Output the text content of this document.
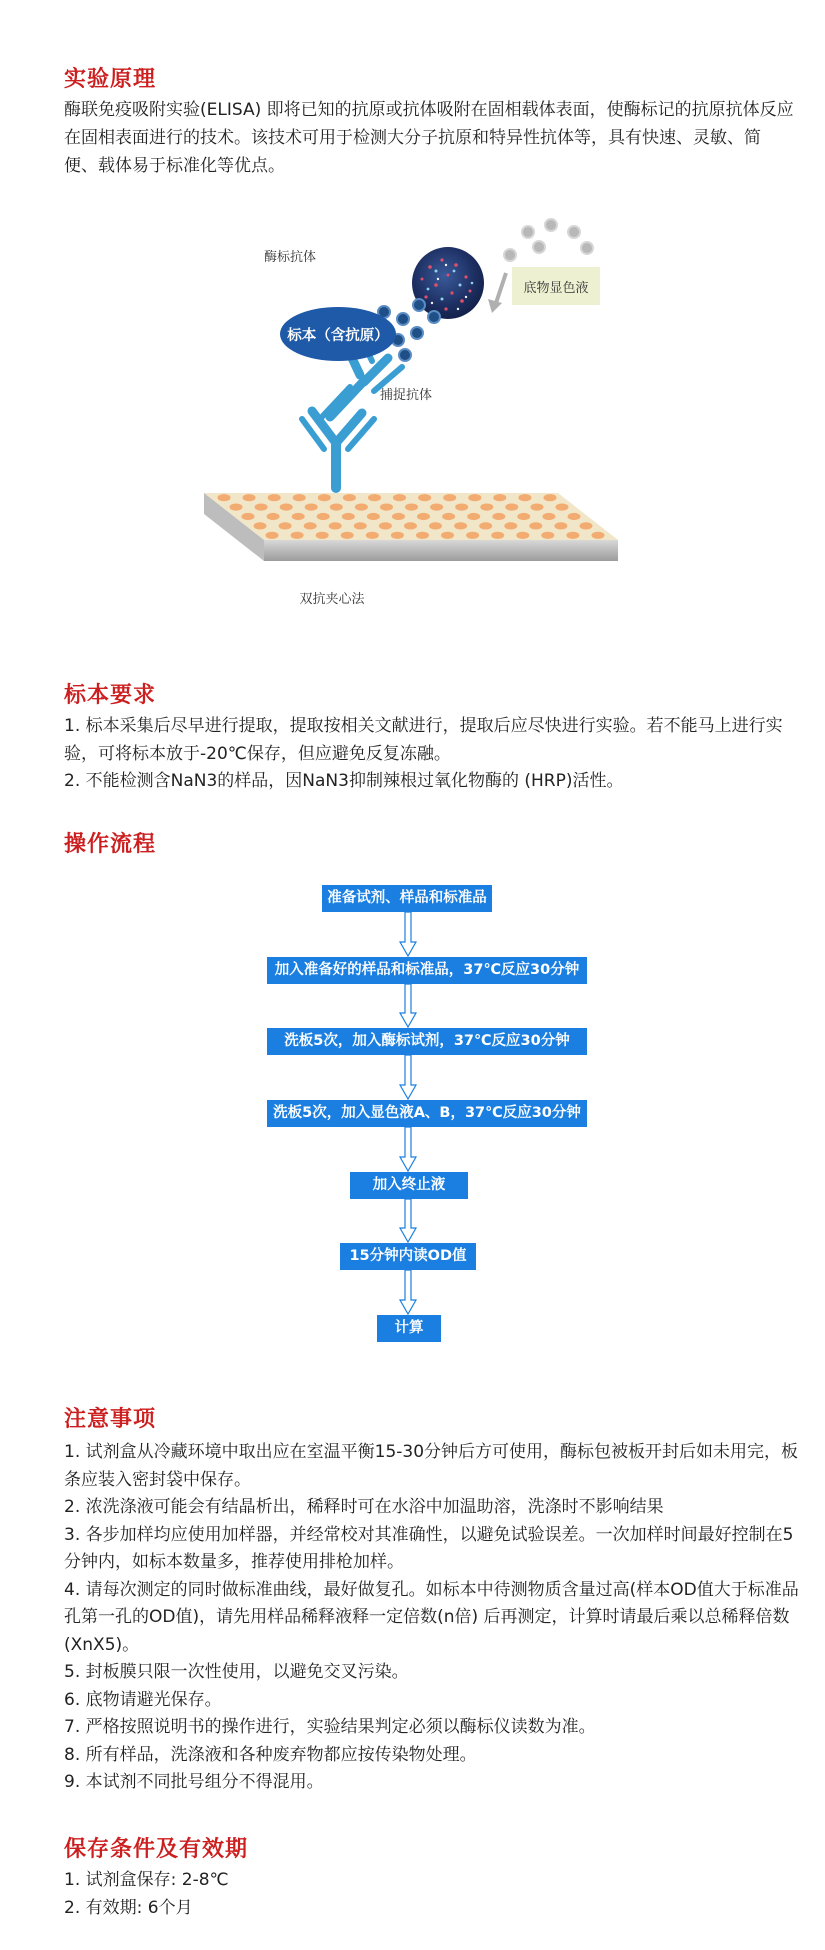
实验原理

酶联免疫吸附实验(ELISA) 即将已知的抗原或抗体吸附在固相载体表面，使酶标记的抗原抗体反应在固相表面进行的技术。该技术可用于检测大分子抗原和特异性抗体等，具有快速、灵敏、简便、载体易于标准化等优点。

底物显色液
酶标抗体
标本（含抗原）
捕捉抗体
双抗夹心法
标本要求
1. 标本采集后尽早进行提取，提取按相关文献进行，提取后应尽快进行实验。若不能马上进行实验，可将标本放于-20℃保存，但应避免反复冻融。
2. 不能检测含NaN3的样品，因NaN3抑制辣根过氧化物酶的 (HRP)活性。
操作流程
准备试剂、样品和标准品
加入准备好的样品和标准品，37℃反应30分钟
洗板5次，加入酶标试剂，37℃反应30分钟
洗板5次，加入显色液A、B，37℃反应30分钟
加入终止液
15分钟内读OD值
计算
注意事项
1. 试剂盒从冷藏环境中取出应在室温平衡15-30分钟后方可使用，酶标包被板开封后如未用完，板条应装入密封袋中保存。
2. 浓洗涤液可能会有结晶析出，稀释时可在水浴中加温助溶，洗涤时不影响结果
3. 各步加样均应使用加样器，并经常校对其准确性，以避免试验误差。一次加样时间最好控制在5分钟内，如标本数量多，推荐使用排枪加样。
4. 请每次测定的同时做标准曲线，最好做复孔。如标本中待测物质含量过高(样本OD值大于标准品孔第一孔的OD值)，请先用样品稀释液释一定倍数(n倍) 后再测定，计算时请最后乘以总稀释倍数 (XnX5)。
5. 封板膜只限一次性使用，以避免交叉污染。
6. 底物请避光保存。
7. 严格按照说明书的操作进行，实验结果判定必须以酶标仪读数为准。
8. 所有样品，洗涤液和各种废弃物都应按传染物处理。
9. 本试剂不同批号组分不得混用。
保存条件及有效期
1. 试剂盒保存: 2-8℃
2. 有效期: 6个月
